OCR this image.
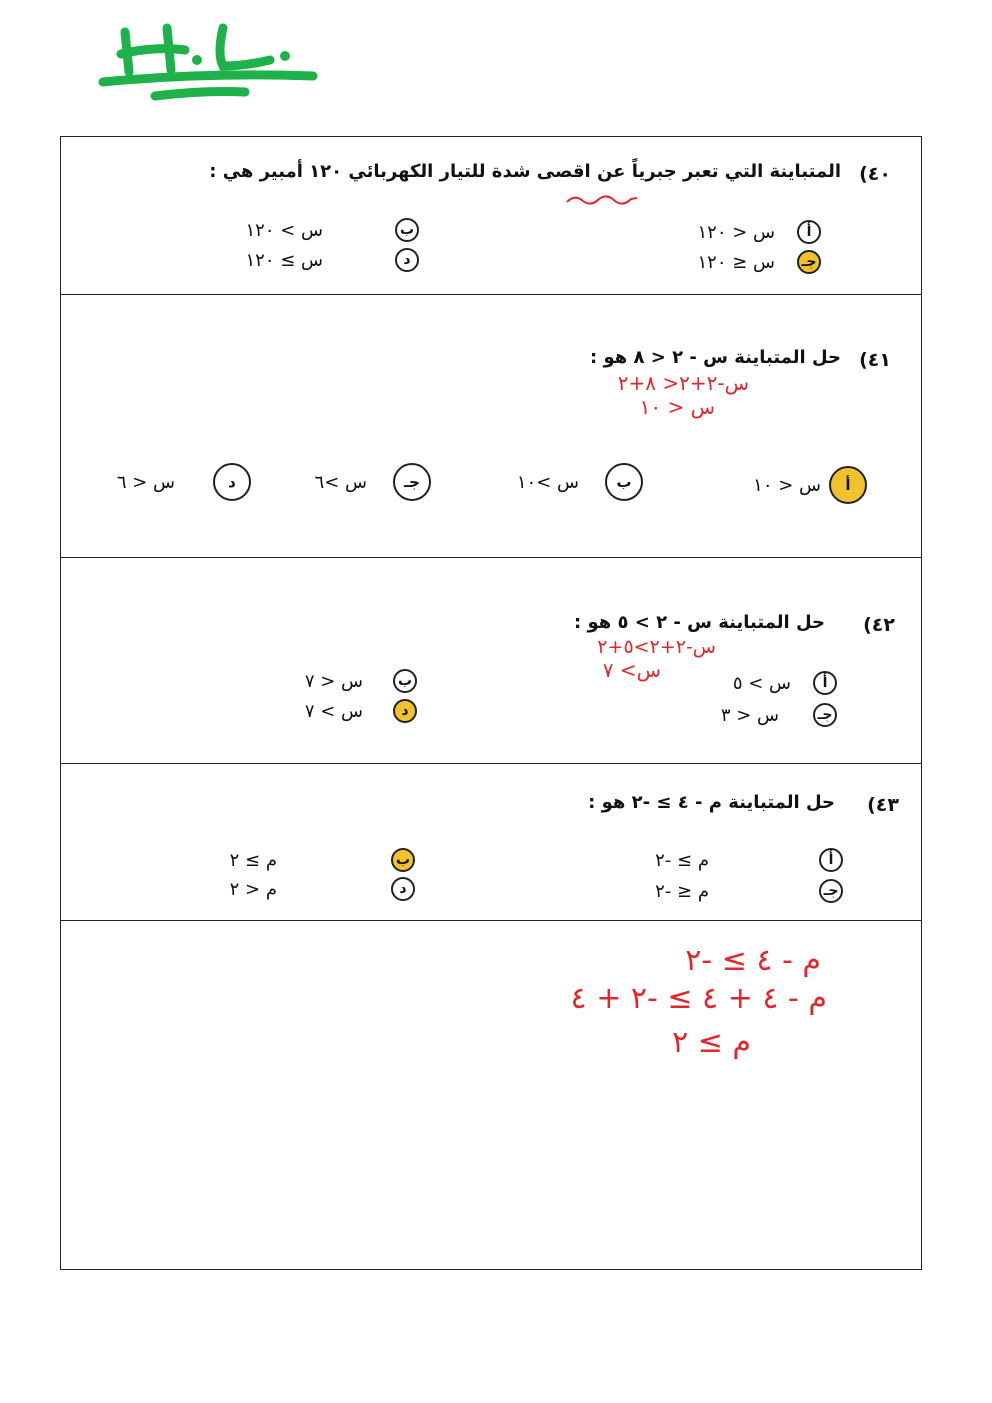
٤٠)
المتباينة التي تعبر جبرياً عن اقصى شدة للتيار الكهربائي ١٢٠ أمبير هي :
أ
س < ١٢٠
ب
س > ١٢٠
جـ
س ≤ ١٢٠
د
س ≥ ١٢٠
٤١)
حل المتباينة س - ٢ < ٨ هو :
س-٢+٢< ٨+٢
س < ١٠
أ
س < ١٠
ب
س >١٠
جـ
س >٦
د
س < ٦
٤٢)
حل المتباينة س - ٢ > ٥ هو :
س-٢+٢>٥+٢
س> ٧
أ
س > ٥
ب
س < ٧
جـ
س < ٣
د
س > ٧
٤٣)
حل المتباينة م - ٤ ≥ -٢ هو :
أ
م ≥ -٢
ب
م ≥ ٢
جـ
م ≤ -٢
د
م < ٢
م - ٤ ≥ -٢
م - ٤ + ٤ ≥ -٢ + ٤
م ≥ ٢
